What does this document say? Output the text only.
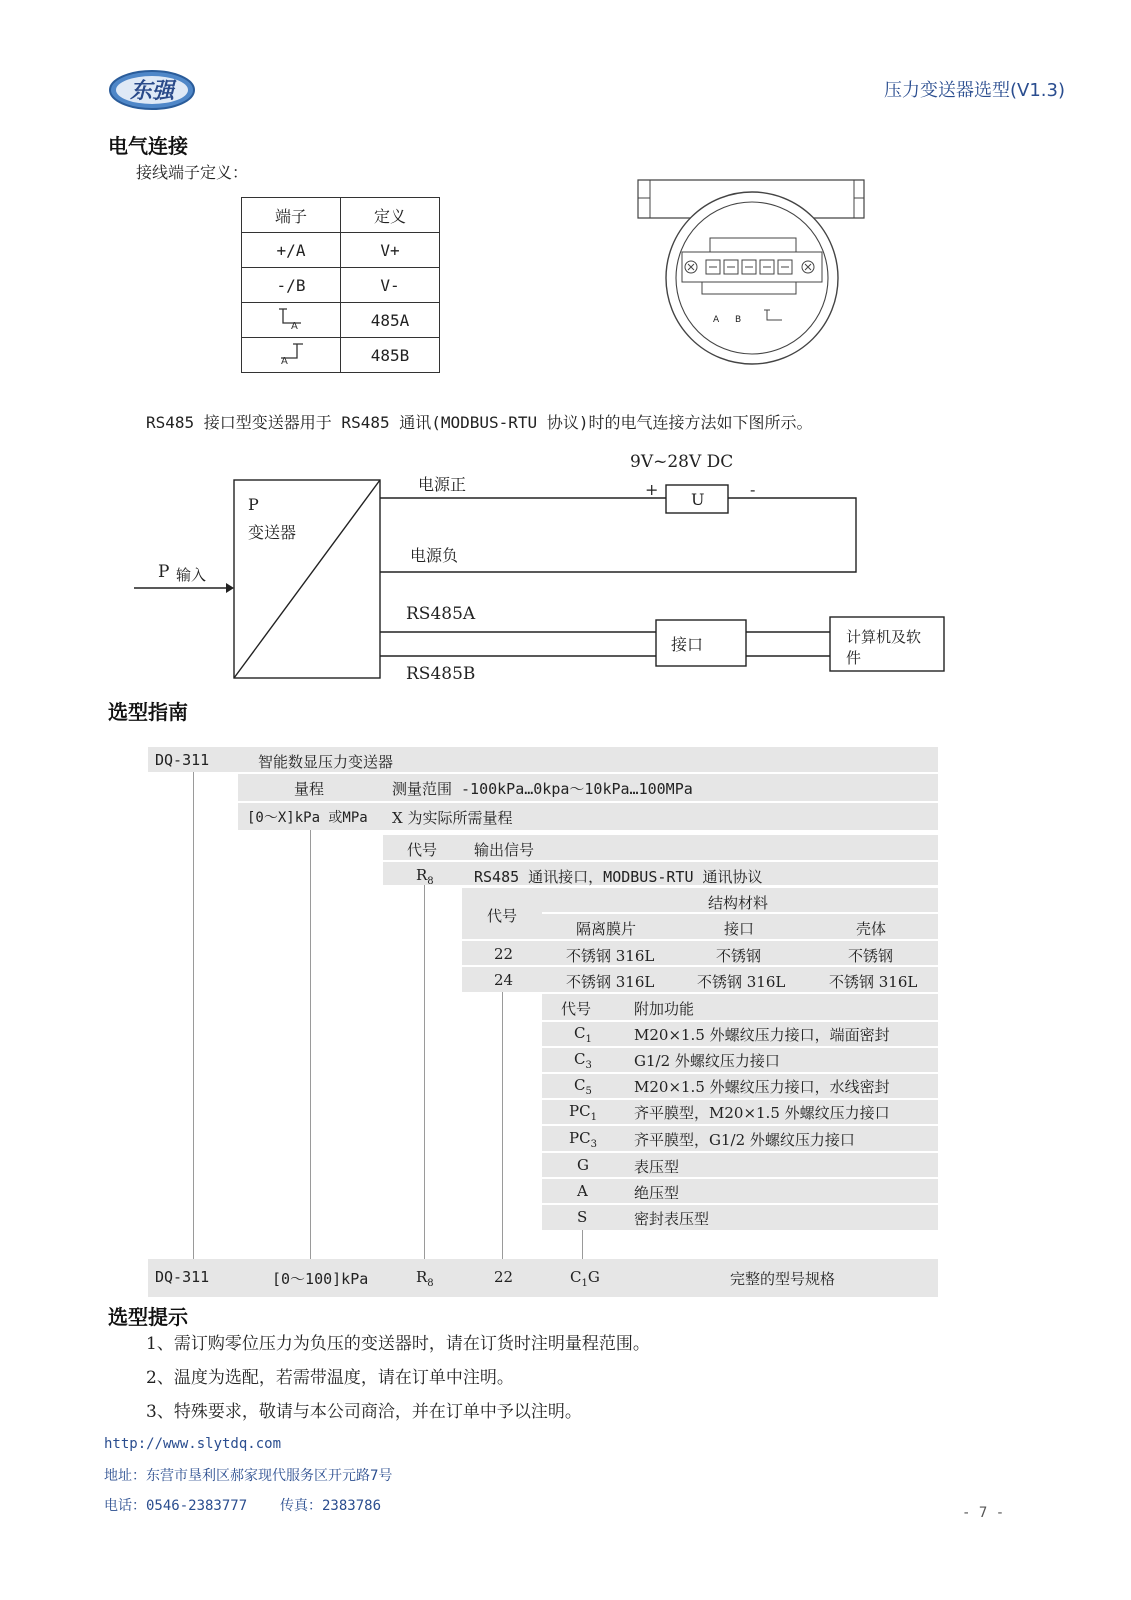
东强	压力变送器选型(V1.3)
电气连接
接线端子定义：
端子	定义
+/A	V+
-/B	V-

A	485A

A	485B
A B
RS485 接口型变送器用于 RS485 通讯(MODBUS-RTU 协议)时的电气连接方法如下图所示。
9V~28V DC
+	-
U
P
变送器
P 输入
电源正
电源负
RS485A
RS485B
接口	计算机及软
件
选型指南
DQ-311	智能数显压力变送器
量程	测量范围 -100kPa…0kpa～10kPa…100MPa
[0～X]kPa 或MPa X 为实际所需量程
代号 输出信号
$R_8$	RS485 通讯接口，MODBUS-RTU 通讯协议
代号
结构材料
隔离膜片	接口	壳体
22	不锈钢 316L	不锈钢	不锈钢
24	不锈钢 316L	不锈钢 316L	不锈钢 316L
代号	附加功能
$C_1$	M20×1.5 外螺纹压力接口，端面密封
$C_3$	G1/2 外螺纹压力接口
$C_5$	M20×1.5 外螺纹压力接口，水线密封
$PC_1$ 齐平膜型，M20×1.5 外螺纹压力接口
$PC_3$ 齐平膜型，G1/2 外螺纹压力接口
G	表压型
A	绝压型
S	密封表压型
DQ-311	[0～100]kPa	$R_8$	22	$C_1G$	完整的型号规格
选型提示
1、需订购零位压力为负压的变送器时，请在订货时注明量程范围。
2、温度为选配，若需带温度，请在订单中注明。
3、特殊要求，敬请与本公司商洽，并在订单中予以注明。
http://www.slytdq.com
地址：东营市垦利区郝家现代服务区开元路7号
电话：0546-2383777 传真：2383786	- 7 -
